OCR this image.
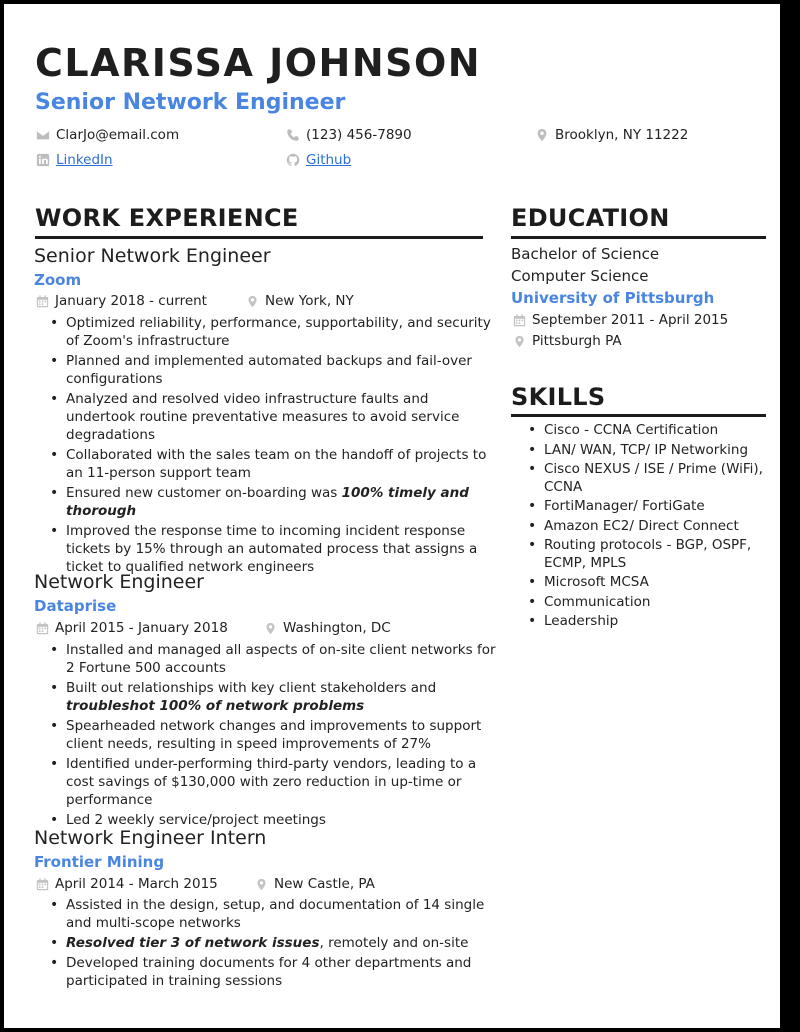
CLARISSA JOHNSON
Senior Network Engineer
ClarJo@email.com	(123) 456-7890	Brooklyn, NY 11222
LinkedIn	Github
WORK EXPERIENCE
Senior Network Engineer
Zoom
January 2018 - current	New York, NY
• Optimized reliability, performance, supportability, and security of Zoom's infrastructure
• Planned and implemented automated backups and fail-over configurations
• Analyzed and resolved video infrastructure faults and undertook routine preventative measures to avoid service degradations
• Collaborated with the sales team on the handoff of projects to an 11-person support team
• Ensured new customer on-boarding was 100% timely and thorough
• Improved the response time to incoming incident response tickets by 15% through an automated process that assigns a ticket to qualified network engineers
Network Engineer
Dataprise
April 2015 - January 2018	Washington, DC
• Installed and managed all aspects of on-site client networks for 2 Fortune 500 accounts
• Built out relationships with key client stakeholders and troubleshot 100% of network problems
• Spearheaded network changes and improvements to support client needs, resulting in speed improvements of 27%
• Identified under-performing third-party vendors, leading to a cost savings of $130,000 with zero reduction in up-time or performance
• Led 2 weekly service/project meetings
Network Engineer Intern
Frontier Mining
April 2014 - March 2015	New Castle, PA
• Assisted in the design, setup, and documentation of 14 single and multi-scope networks
• Resolved tier 3 of network issues, remotely and on-site
• Developed training documents for 4 other departments and participated in training sessions
EDUCATION
Bachelor of Science
Computer Science
University of Pittsburgh
September 2011 - April 2015
Pittsburgh PA
SKILLS
• Cisco - CCNA Certification
• LAN/ WAN, TCP/ IP Networking
• Cisco NEXUS / ISE / Prime (WiFi), CCNA
• FortiManager/ FortiGate
• Amazon EC2/ Direct Connect
• Routing protocols - BGP, OSPF, ECMP, MPLS
• Microsoft MCSA
• Communication
• Leadership
